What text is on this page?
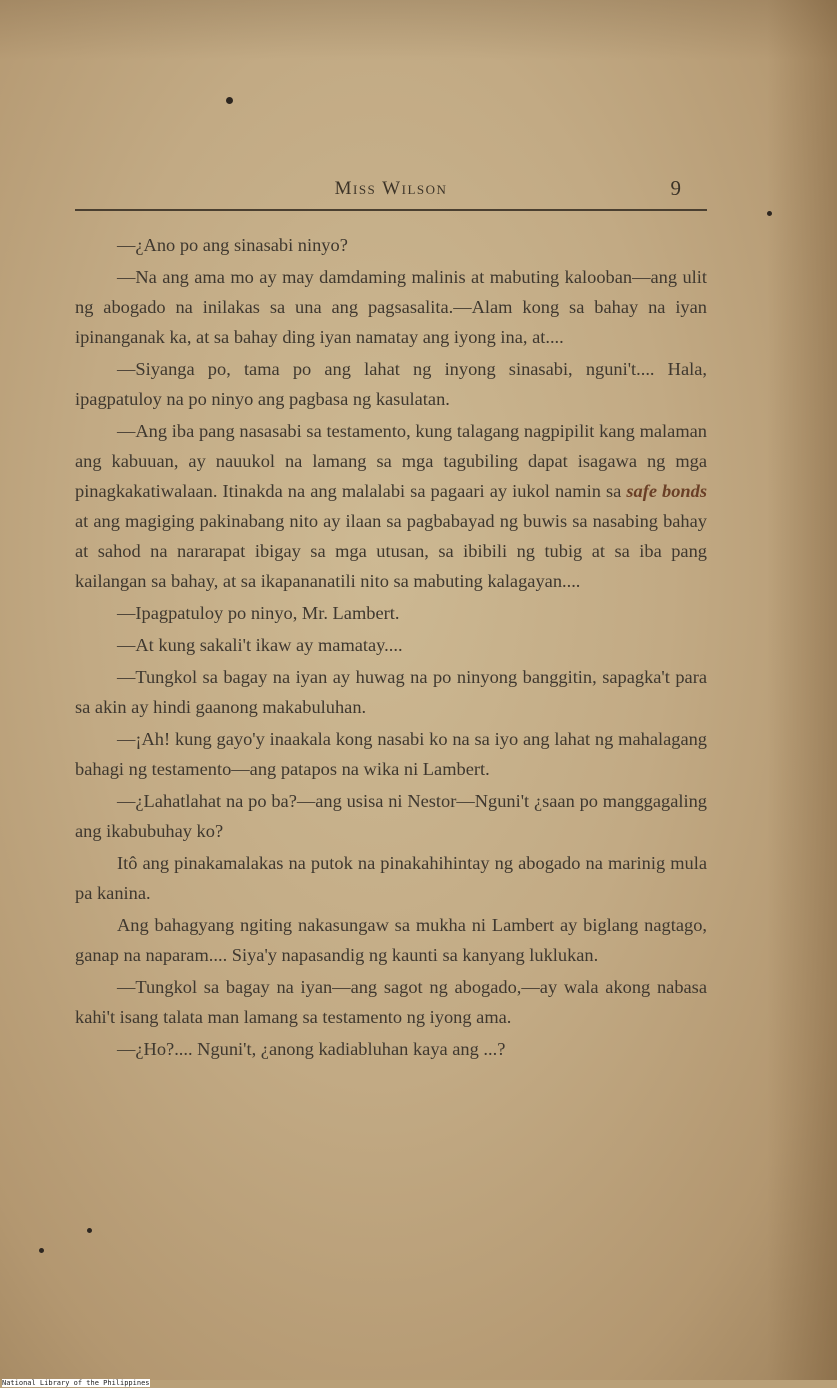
Miss Wilson	9

—¿Ano po ang sinasabi ninyo?

—Na ang ama mo ay may damdaming malinis at mabuting kalooban—ang ulit ng abogado na inilakas sa una ang pagsasalita.—Alam kong sa bahay na iyan ipinanganak ka, at sa bahay ding iyan namatay ang iyong ina, at....

—Siyanga po, tama po ang lahat ng inyong sinasabi, nguni't.... Hala, ipagpatuloy na po ninyo ang pagbasa ng kasulatan.

—Ang iba pang nasasabi sa testamento, kung talagang nagpipilit kang malaman ang kabuuan, ay nauukol na lamang sa mga tagubiling dapat isagawa ng mga pinagkakatiwalaan. Itinakda na ang malalabi sa pagaari ay iukol namin sa safe bonds at ang magiging pakinabang nito ay ilaan sa pagbabayad ng buwis sa nasabing bahay at sahod na nararapat ibigay sa mga utusan, sa ibibili ng tubig at sa iba pang kailangan sa bahay, at sa ikapananatili nito sa mabuting kalagayan....

—Ipagpatuloy po ninyo, Mr. Lambert.

—At kung sakali't ikaw ay mamatay....

—Tungkol sa bagay na iyan ay huwag na po ninyong banggitin, sapagka't para sa akin ay hindi gaanong makabuluhan.

—¡Ah! kung gayo'y inaakala kong nasabi ko na sa iyo ang lahat ng mahalagang bahagi ng testamento—ang patapos na wika ni Lambert.

—¿Lahatlahat na po ba?—ang usisa ni Nestor—Nguni't ¿saan po manggagaling ang ikabubuhay ko?

Itô ang pinakamalakas na putok na pinakahihintay ng abogado na marinig mula pa kanina.

Ang bahagyang ngiting nakasungaw sa mukha ni Lambert ay biglang nagtago, ganap na naparam.... Siya'y napasandig ng kaunti sa kanyang luklukan.

—Tungkol sa bagay na iyan—ang sagot ng abogado,—ay wala akong nabasa kahi't isang talata man lamang sa testamento ng iyong ama.

—¿Ho?.... Nguni't, ¿anong kadiabluhan kaya ang ...?

National Library of the Philippines
